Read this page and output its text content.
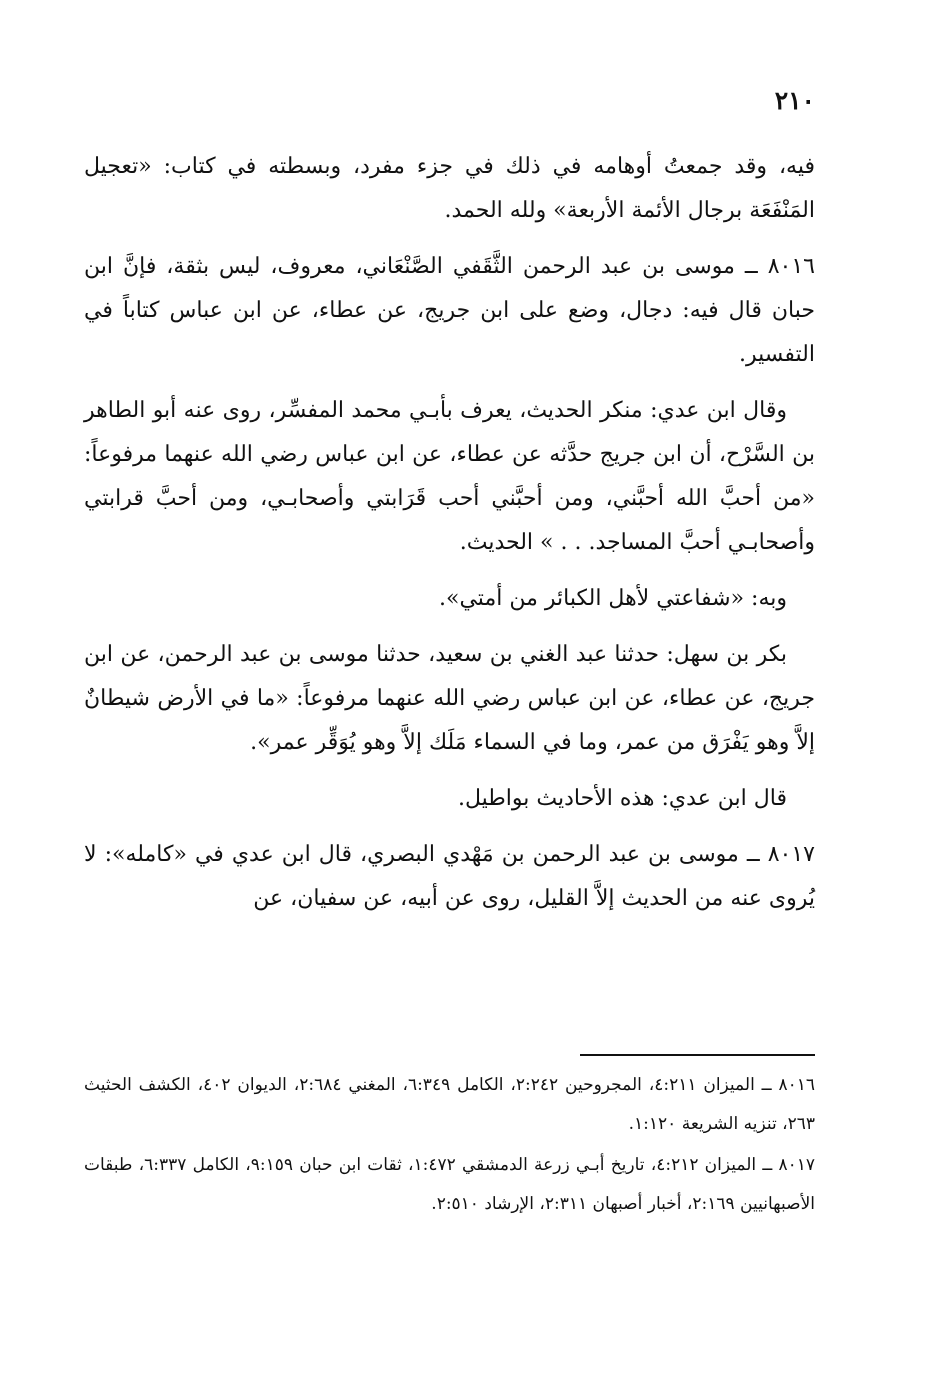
٢١٠

فيه، وقد جمعتُ أوهامه في ذلك في جزء مفرد، وبسطته في كتاب: «تعجيل المَنْفَعَة برجال الأئمة الأربعة» ولله الحمد.

٨٠١٦ ــ موسى بن عبد الرحمن الثَّقَفي الصَّنْعَاني، معروف، ليس بثقة، فإنَّ ابن حبان قال فيه: دجال، وضع على ابن جريج، عن عطاء، عن ابن عباس كتاباً في التفسير.

وقال ابن عدي: منكر الحديث، يعرف بأبـي محمد المفسِّر، روى عنه أبو الطاهر بن السَّرْح، أن ابن جريج حدَّثه عن عطاء، عن ابن عباس رضي الله عنهما مرفوعاً: «من أحبَّ الله أحبَّني، ومن أحبَّني أحب قَرَابتي وأصحابـي، ومن أحبَّ قرابتي وأصحابـي أحبَّ المساجد. . . » الحديث.

وبه: «شفاعتي لأهل الكبائر من أمتي».

بكر بن سهل: حدثنا عبد الغني بن سعيد، حدثنا موسى بن عبد الرحمن، عن ابن جريج، عن عطاء، عن ابن عباس رضي الله عنهما مرفوعاً: «ما في الأرض شيطانٌ إلاَّ وهو يَفْرَق من عمر، وما في السماء مَلَك إلاَّ وهو يُوَقِّر عمر».

قال ابن عدي: هذه الأحاديث بواطيل.

٨٠١٧ ــ موسى بن عبد الرحمن بن مَهْدي البصري، قال ابن عدي في «كامله»: لا يُروى عنه من الحديث إلاَّ القليل، روى عن أبيه، عن سفيان، عن

٨٠١٦ ــ الميزان ٤:٢١١، المجروحين ٢:٢٤٢، الكامل ٦:٣٤٩، المغني ٢:٦٨٤، الديوان ٤٠٢، الكشف الحثيث ٢٦٣، تنزيه الشريعة ١:١٢٠.

٨٠١٧ ــ الميزان ٤:٢١٢، تاريخ أبـي زرعة الدمشقي ١:٤٧٢، ثقات ابن حبان ٩:١٥٩، الكامل ٦:٣٣٧، طبقات الأصبهانيين ٢:١٦٩، أخبار أصبهان ٢:٣١١، الإرشاد ٢:٥١٠.
